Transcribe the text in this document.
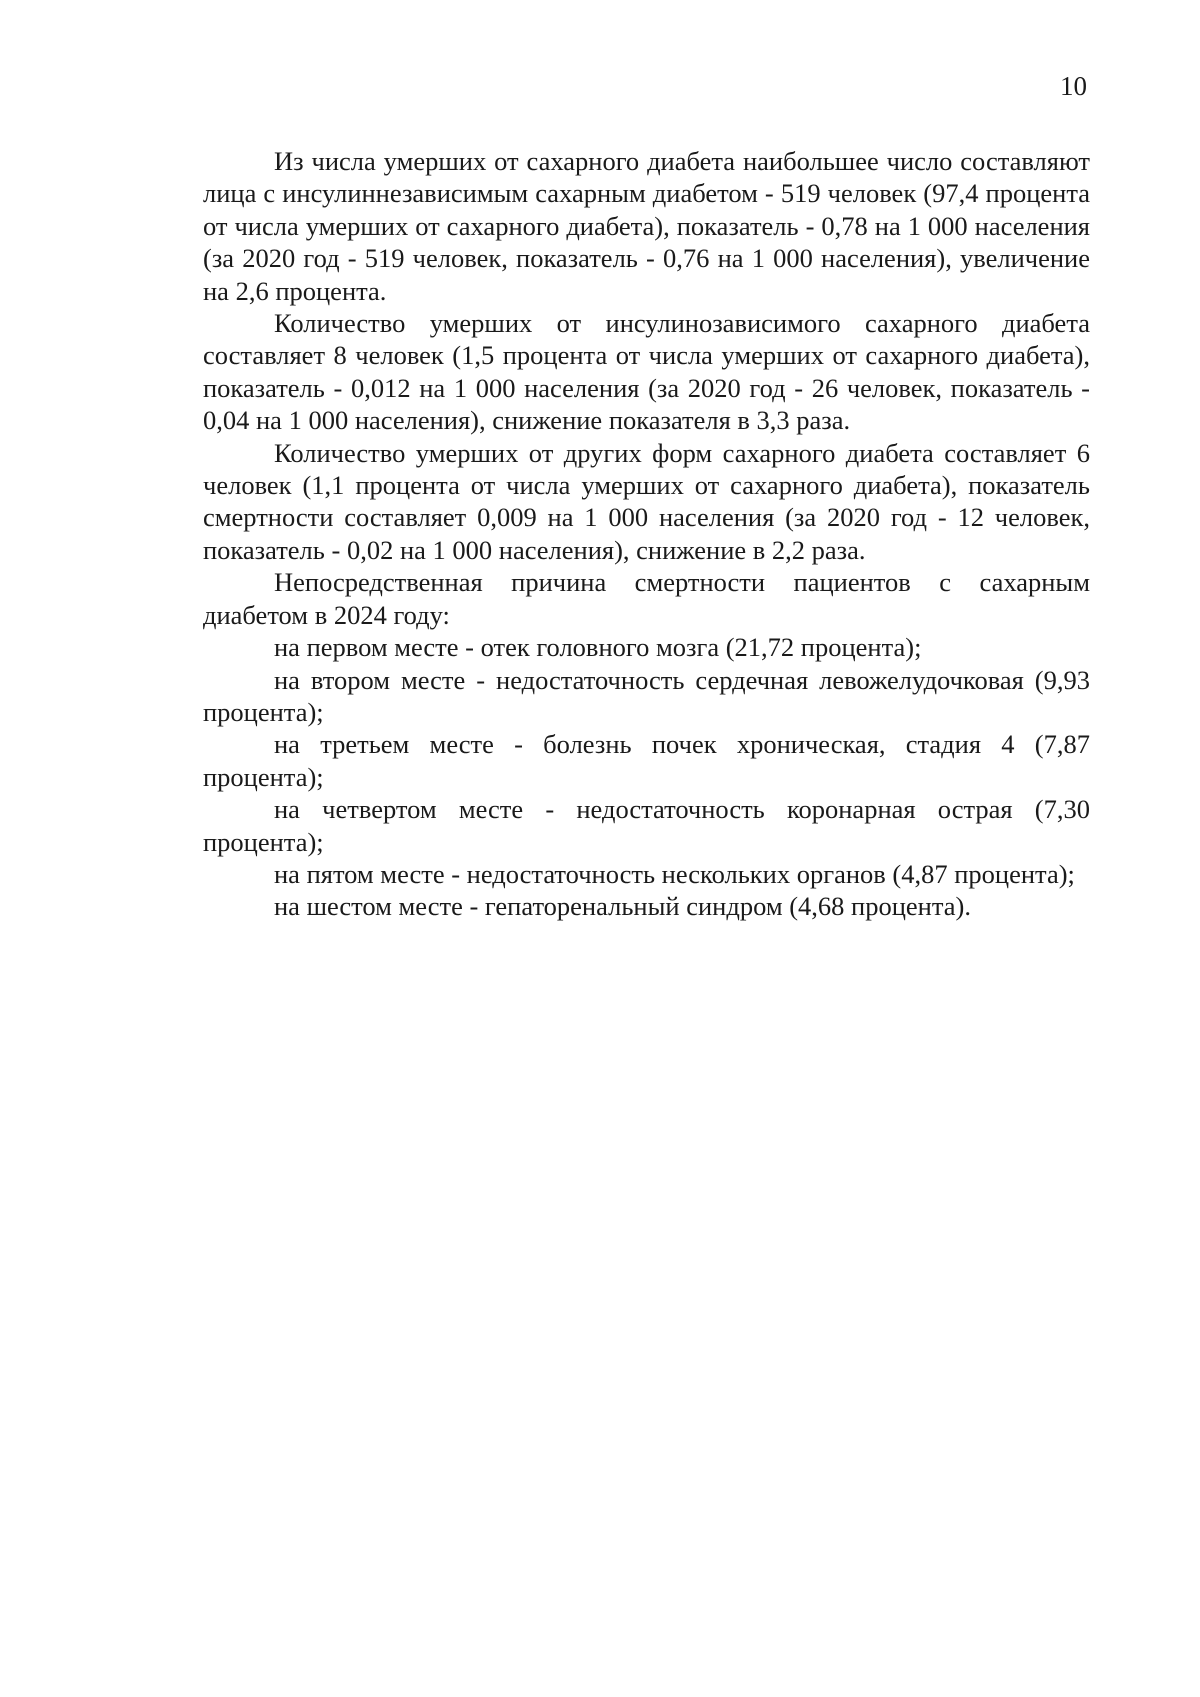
10

Из числа умерших от сахарного диабета наибольшее число составляют лица с инсулиннезависимым сахарным диабетом - 519 человек (97,4 процента от числа умерших от сахарного диабета), показатель - 0,78 на 1 000 населения (за 2020 год - 519 человек, показатель - 0,76 на 1 000 населения), увеличение на 2,6 процента.

Количество умерших от инсулинозависимого сахарного диабета составляет 8 человек (1,5 процента от числа умерших от сахарного диабета), показатель - 0,012 на 1 000 населения (за 2020 год - 26 человек, показатель - 0,04 на 1 000 населения), снижение показателя в 3,3 раза.

Количество умерших от других форм сахарного диабета составляет 6 человек (1,1 процента от числа умерших от сахарного диабета), показатель смертности составляет 0,009 на 1 000 населения (за 2020 год - 12 человек, показатель - 0,02 на 1 000 населения), снижение в 2,2 раза.

Непосредственная причина смертности пациентов с сахарным диабетом в 2024 году:

на первом месте - отек головного мозга (21,72 процента);

на втором месте - недостаточность сердечная левожелудочковая (9,93 процента);

на третьем месте - болезнь почек хроническая, стадия 4 (7,87 процента);

на четвертом месте - недостаточность коронарная острая (7,30 процента);

на пятом месте - недостаточность нескольких органов (4,87 процента);

на шестом месте - гепаторенальный синдром (4,68 процента).
